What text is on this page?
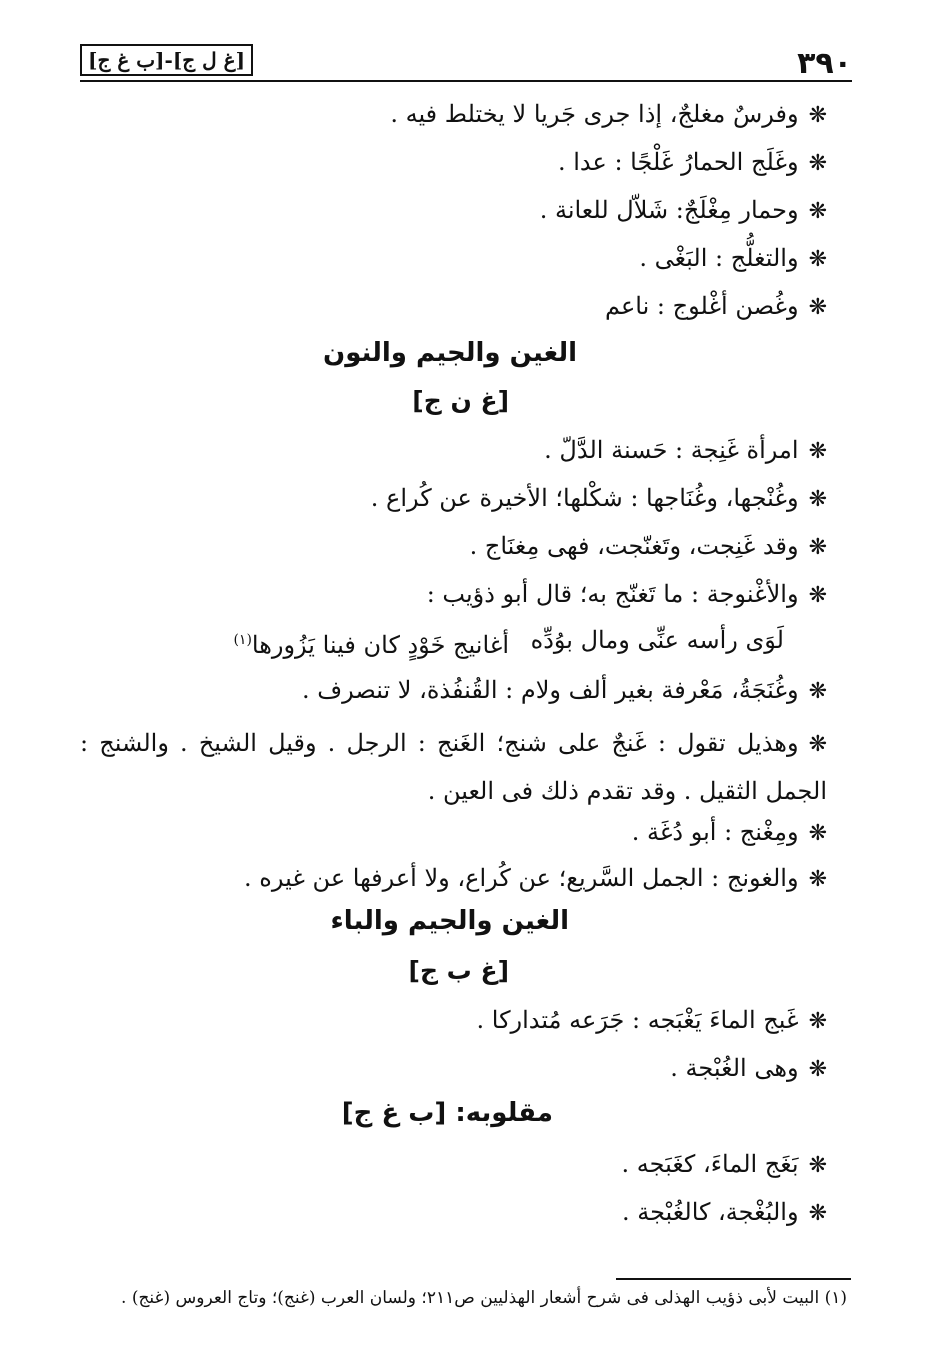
٣٩٠
[غ ل ج]-[ب غ ج]
❋وفرسٌ مغلجٌ، إذا جرى جَريا لا يختلط فيه .
❋وغَلَج الحمارُ غَلْجًا : عدا .
❋وحمار مِغْلَجٌ: شَلاّل للعانة .
❋والتغلُّج : البَغْى .
❋وغُصن أغْلوج : ناعم
الغين والجيم والنون
[غ ن ج]
❋امرأة غَنِجة : حَسنة الدَّلّ .
❋وغُنْجها، وغُنَاجها : شكْلها؛ الأخيرة عن كُراع .
❋وقد غَنِجت، وتَغنّجت، فهى مِغنَاج .
❋والأغْنوجة : ما تَغنّج به؛ قال أبو ذؤيب :
لَوَى رأسه عنِّى ومال بوُدِّه
أغانيج خَوْدٍ كان فينا يَزُورها$^{(١)}$
❋وغُنَجَةُ، مَعْرفة بغير ألف ولام : القُنفُذة، لا تنصرف .
❋وهذيل تقول : غَنجٌ على شنج؛ الغَنج : الرجل . وقيل الشيخ . والشنج : الجمل الثقيل . وقد تقدم ذلك فى العين .
❋ومِغْنج : أبو دُغَة .
❋والغونج : الجمل السَّريع؛ عن كُراع، ولا أعرفها عن غيره .
الغين والجيم والباء
[غ ب ج]
❋غَبج الماءَ يَغْبَجه : جَرَعه مُتداركا .
❋وهى الغُبْجة .
مقلوبه: [ب غ ج]
❋بَغَج الماءَ، كغَبَجه .
❋والبُغْجة، كالغُبْجة .
(١) البيت لأبى ذؤيب الهذلى فى شرح أشعار الهذليين ص٢١١؛ ولسان العرب (غنج)؛ وتاج العروس (غنج) .
